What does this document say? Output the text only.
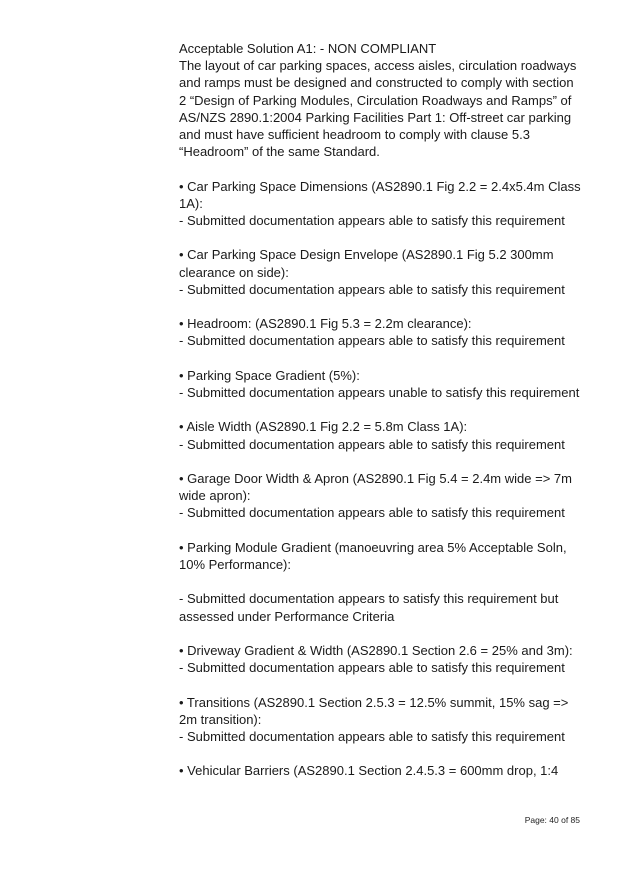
Acceptable Solution A1: - NON COMPLIANT

The layout of car parking spaces, access aisles, circulation roadways and ramps must be designed and constructed to comply with section 2 “Design of Parking Modules, Circulation Roadways and Ramps” of AS/NZS 2890.1:2004 Parking Facilities Part 1: Off-street car parking and must have sufficient headroom to comply with clause 5.3 “Headroom” of the same Standard.

• Car Parking Space Dimensions (AS2890.1 Fig 2.2 = 2.4x5.4m Class 1A):

- Submitted documentation appears able to satisfy this requirement

• Car Parking Space Design Envelope (AS2890.1 Fig 5.2 300mm clearance on side):

- Submitted documentation appears able to satisfy this requirement

• Headroom: (AS2890.1 Fig 5.3 = 2.2m clearance):

- Submitted documentation appears able to satisfy this requirement

• Parking Space Gradient (5%):

- Submitted documentation appears unable to satisfy this requirement

• Aisle Width (AS2890.1 Fig 2.2 = 5.8m Class 1A):

- Submitted documentation appears able to satisfy this requirement

• Garage Door Width & Apron (AS2890.1 Fig 5.4 = 2.4m wide => 7m wide apron):

- Submitted documentation appears able to satisfy this requirement

• Parking Module Gradient (manoeuvring area 5% Acceptable Soln, 10% Performance):

- Submitted documentation appears to satisfy this requirement but assessed under Performance Criteria

• Driveway Gradient & Width (AS2890.1 Section 2.6 = 25% and 3m):

- Submitted documentation appears able to satisfy this requirement

• Transitions (AS2890.1 Section 2.5.3 = 12.5% summit, 15% sag => 2m transition):

- Submitted documentation appears able to satisfy this requirement

• Vehicular Barriers (AS2890.1 Section 2.4.5.3 = 600mm drop, 1:4

Page: 40 of 85
